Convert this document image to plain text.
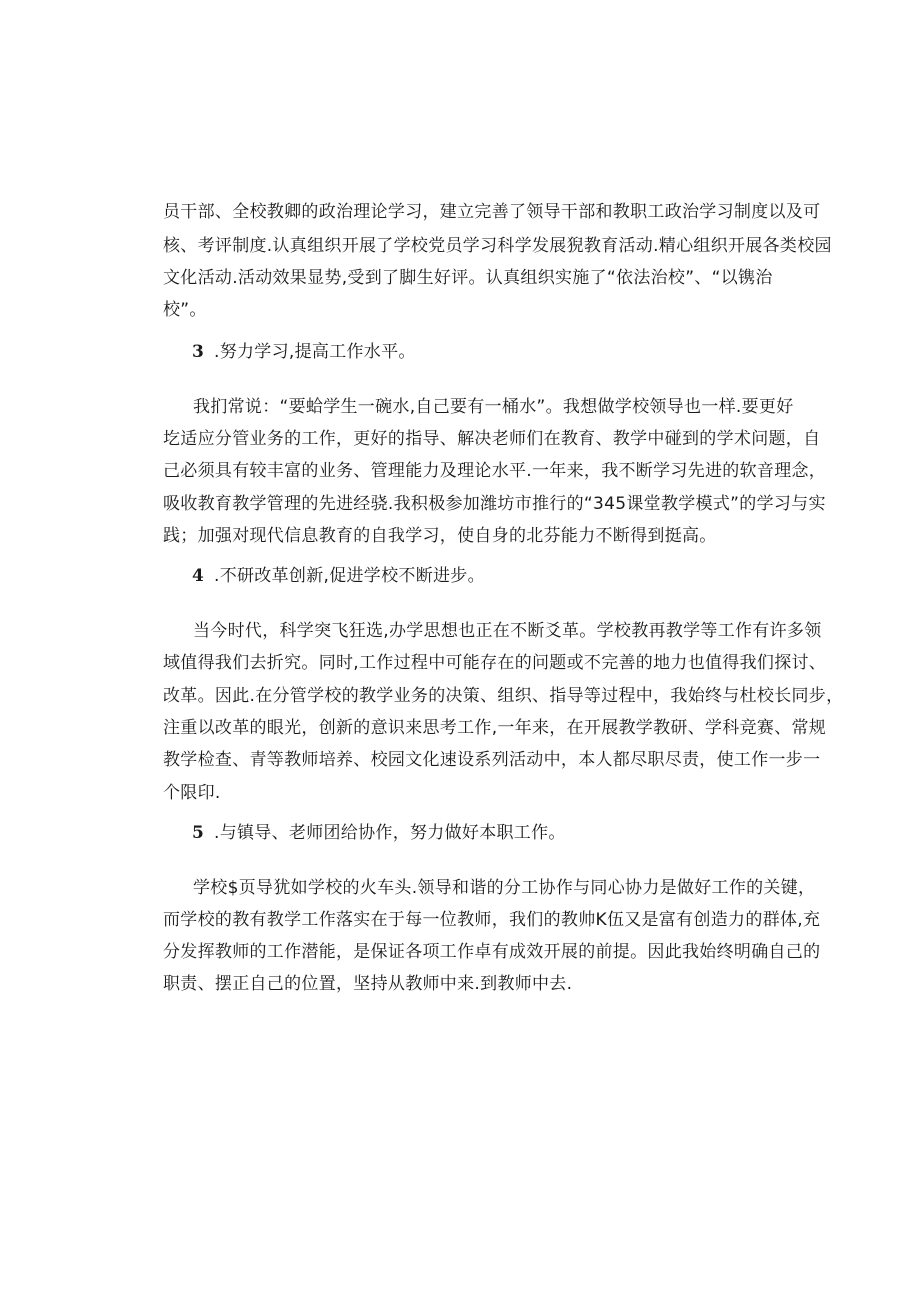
员干部、全校教卿的政治理论学习，建立完善了领导干部和教职工政治学习制度以及可
核、考评制度.认真组织开展了学校党员学习科学发展猊教育活动.精心组织开展各类校园
文化活动.活动效果显势,受到了脚生好评。认真组织实施了“依法治校”、“以镌治
校”。
3 .努力学习,提高工作水平。
我扪常说：“要蛤学生一碗水,自己要有一桶水”。我想做学校领导也一样.要更好
圪适应分管业务的工作，更好的指导、解决老师们在教育、教学中碰到的学术问题，自
己必须具有较丰富的业务、管理能力及理论水平.一年来，我不断学习先进的软音理念，
吸收教育教学管理的先进经骁.我积极参加潍坊市推行的“345课堂教学模式”的学习与实
践；加强对现代信息教育的自我学习，使自身的北芬能力不断得到挺高。
4 .不研改革创新,促进学校不断进步。
当今时代，科学突飞狂选,办学思想也正在不断爻革。学校教再教学等工作有许多领
域值得我们去折究。同时,工作过程中可能存在的问题或不完善的地力也值得我们探讨、
改革。因此.在分管学校的教学业务的决策、组织、指导等过程中，我始终与杜校长同步，
注重以改革的眼光，创新的意识来思考工作,一年来，在开展教学教研、学科竞赛、常规
教学检查、青等教师培养、校园文化速设系列活动中，本人都尽职尽责，使工作一步一
个限印.
5 .与镇导、老师团给协作，努力做好本职工作。
学校$页导犹如学校的火车头.领导和谐的分工协作与同心协力是做好工作的关键，
而学校的教有教学工作落实在于每一位教师，我们的教帅K伍又是富有创造力的群体,充
分发挥教师的工作潜能，是保证各项工作卓有成效开展的前提。因此我始终明确自己的
职责、摆正自己的位置，坚持从教师中来.到教师中去.
